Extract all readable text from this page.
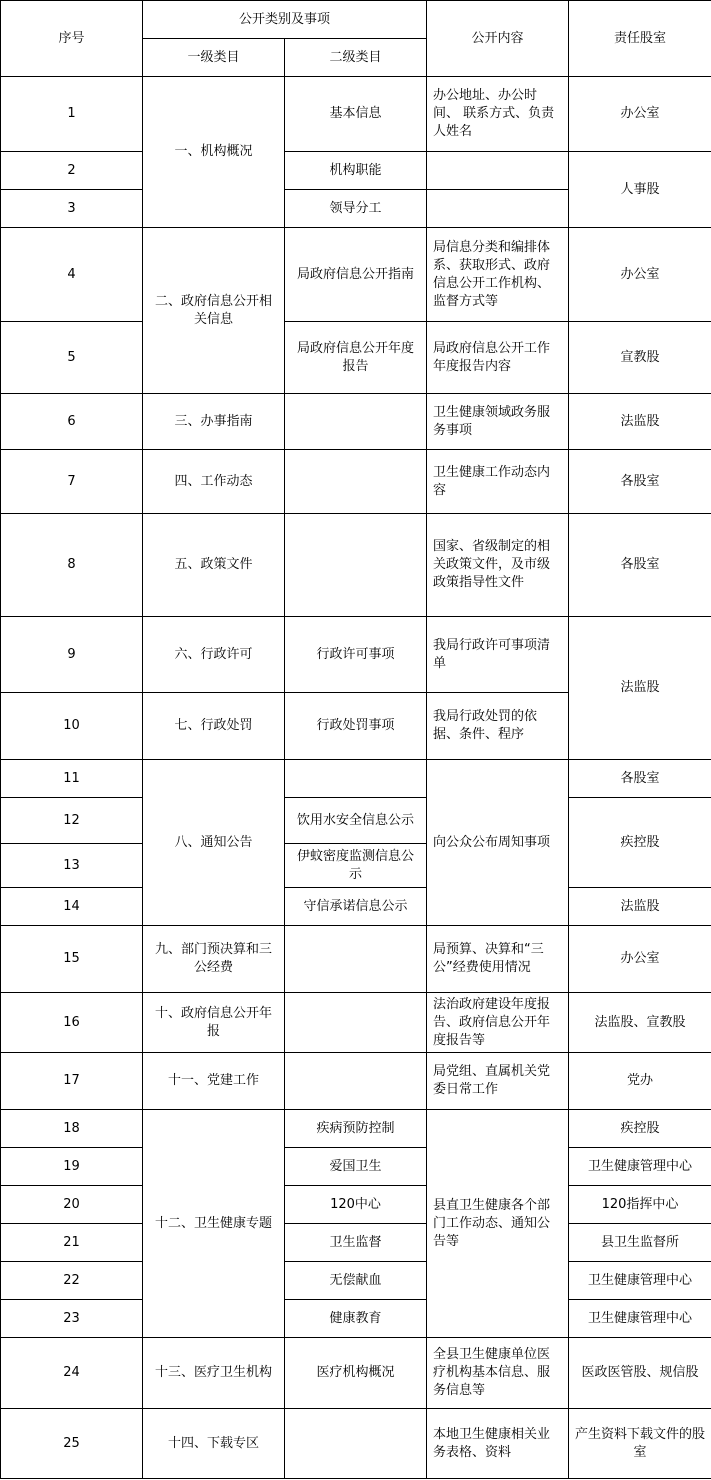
序号	公开类别及事项		公开内容	责任股室
	一级类目	二级类目		
1	一、机构概况	基本信息	办公地址、办公时间、 联系方式、负责人姓名	办公室
2		机构职能		人事股
3		领导分工		
4	二、政府信息公开相关信息	局政府信息公开指南	局信息分类和编排体系、获取形式、政府信息公开工作机构、监督方式等	办公室
5		局政府信息公开年度报告	局政府信息公开工作年度报告内容	宣教股
6	三、办事指南		卫生健康领域政务服务事项	法监股
7	四、工作动态		卫生健康工作动态内容	各股室
8	五、政策文件		国家、省级制定的相关政策文件，及市级政策指导性文件	各股室
9	六、行政许可	行政许可事项	我局行政许可事项清单	法监股
10	七、行政处罚	行政处罚事项	我局行政处罚的依据、条件、程序	
11	八、通知公告		向公众公布周知事项	各股室
12		饮用水安全信息公示		疾控股
13		伊蚊密度监测信息公示		
14		守信承诺信息公示		法监股
15	九、部门预决算和三公经费		局预算、决算和“三公”经费使用情况	办公室
16	十、政府信息公开年报		法治政府建设年度报告、政府信息公开年度报告等	法监股、宣教股
17	十一、党建工作		局党组、直属机关党委日常工作	党办
18	十二、卫生健康专题	疾病预防控制	县直卫生健康各个部门工作动态、通知公告等	疾控股
19		爱国卫生		卫生健康管理中心
20		120中心		120指挥中心
21		卫生监督		县卫生监督所
22		无偿献血		卫生健康管理中心
23		健康教育		卫生健康管理中心
24	十三、医疗卫生机构	医疗机构概况	全县卫生健康单位医疗机构基本信息、服务信息等	医政医管股、规信股
25	十四、下载专区		本地卫生健康相关业务表格、资料	产生资料下载文件的股室
